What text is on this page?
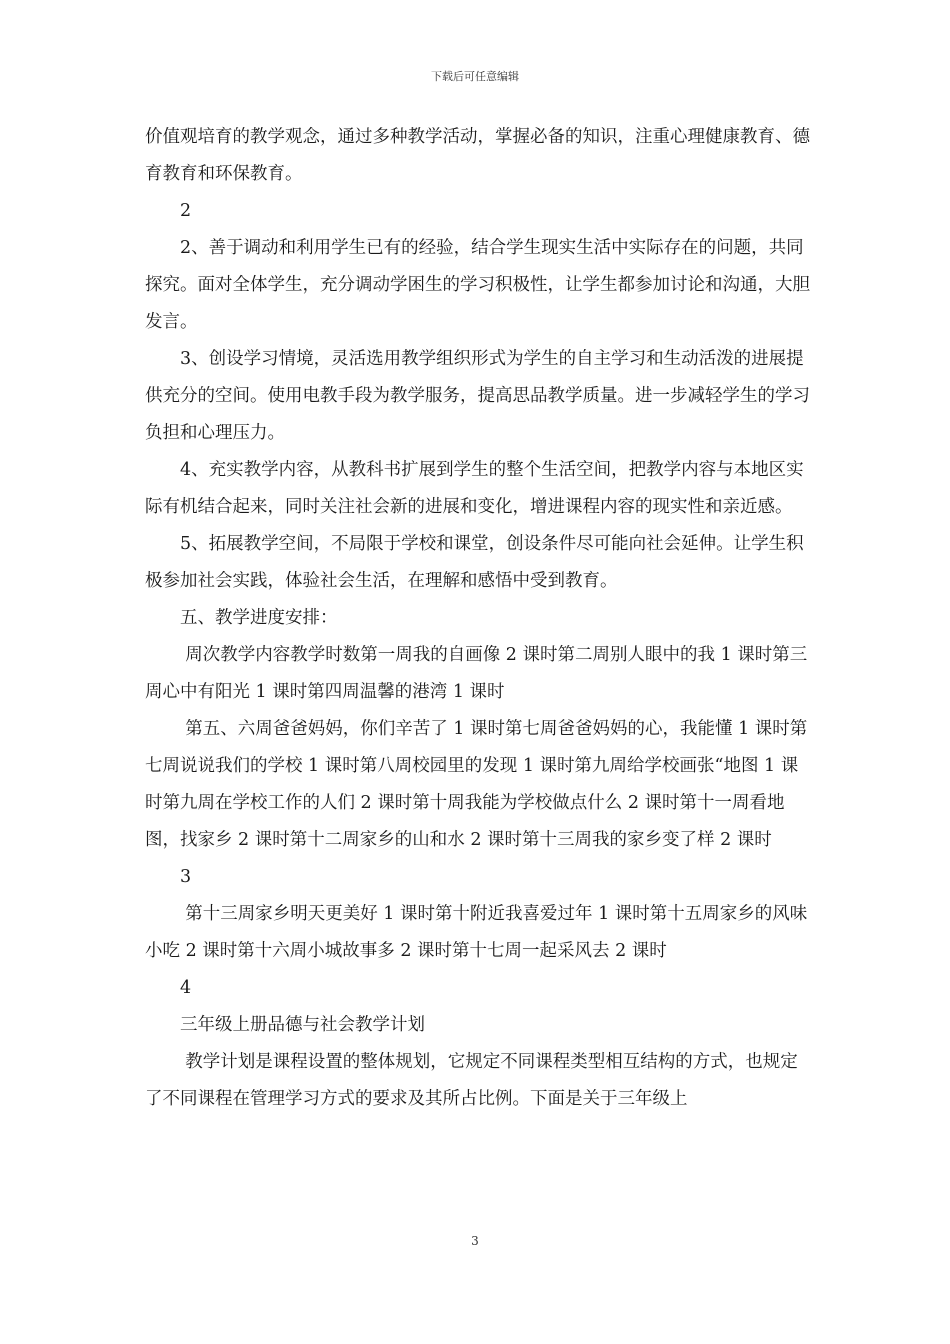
下载后可任意编辑

价值观培育的教学观念，通过多种教学活动，掌握必备的知识，注重心理健康教育、德育教育和环保教育。

2

2、善于调动和利用学生已有的经验，结合学生现实生活中实际存在的问题，共同探究。面对全体学生，充分调动学困生的学习积极性，让学生都参加讨论和沟通，大胆发言。

3、创设学习情境，灵活选用教学组织形式为学生的自主学习和生动活泼的进展提供充分的空间。使用电教手段为教学服务，提高思品教学质量。进一步减轻学生的学习负担和心理压力。

4、充实教学内容，从教科书扩展到学生的整个生活空间，把教学内容与本地区实际有机结合起来，同时关注社会新的进展和变化，增进课程内容的现实性和亲近感。

5、拓展教学空间，不局限于学校和课堂，创设条件尽可能向社会延伸。让学生积极参加社会实践，体验社会生活，在理解和感悟中受到教育。

五、教学进度安排：

周次教学内容教学时数第一周我的自画像 2 课时第二周别人眼中的我 1 课时第三周心中有阳光 1 课时第四周温馨的港湾 1 课时

第五、六周爸爸妈妈，你们辛苦了 1 课时第七周爸爸妈妈的心，我能懂 1 课时第七周说说我们的学校 1 课时第八周校园里的发现 1 课时第九周给学校画张“地图 1 课时第九周在学校工作的人们 2 课时第十周我能为学校做点什么 2 课时第十一周看地图，找家乡 2 课时第十二周家乡的山和水 2 课时第十三周我的家乡变了样 2 课时

3

第十三周家乡明天更美好 1 课时第十附近我喜爱过年 1 课时第十五周家乡的风味小吃 2 课时第十六周小城故事多 2 课时第十七周一起采风去 2 课时

4

三年级上册品德与社会教学计划

教学计划是课程设置的整体规划，它规定不同课程类型相互结构的方式，也规定了不同课程在管理学习方式的要求及其所占比例。下面是关于三年级上

3
